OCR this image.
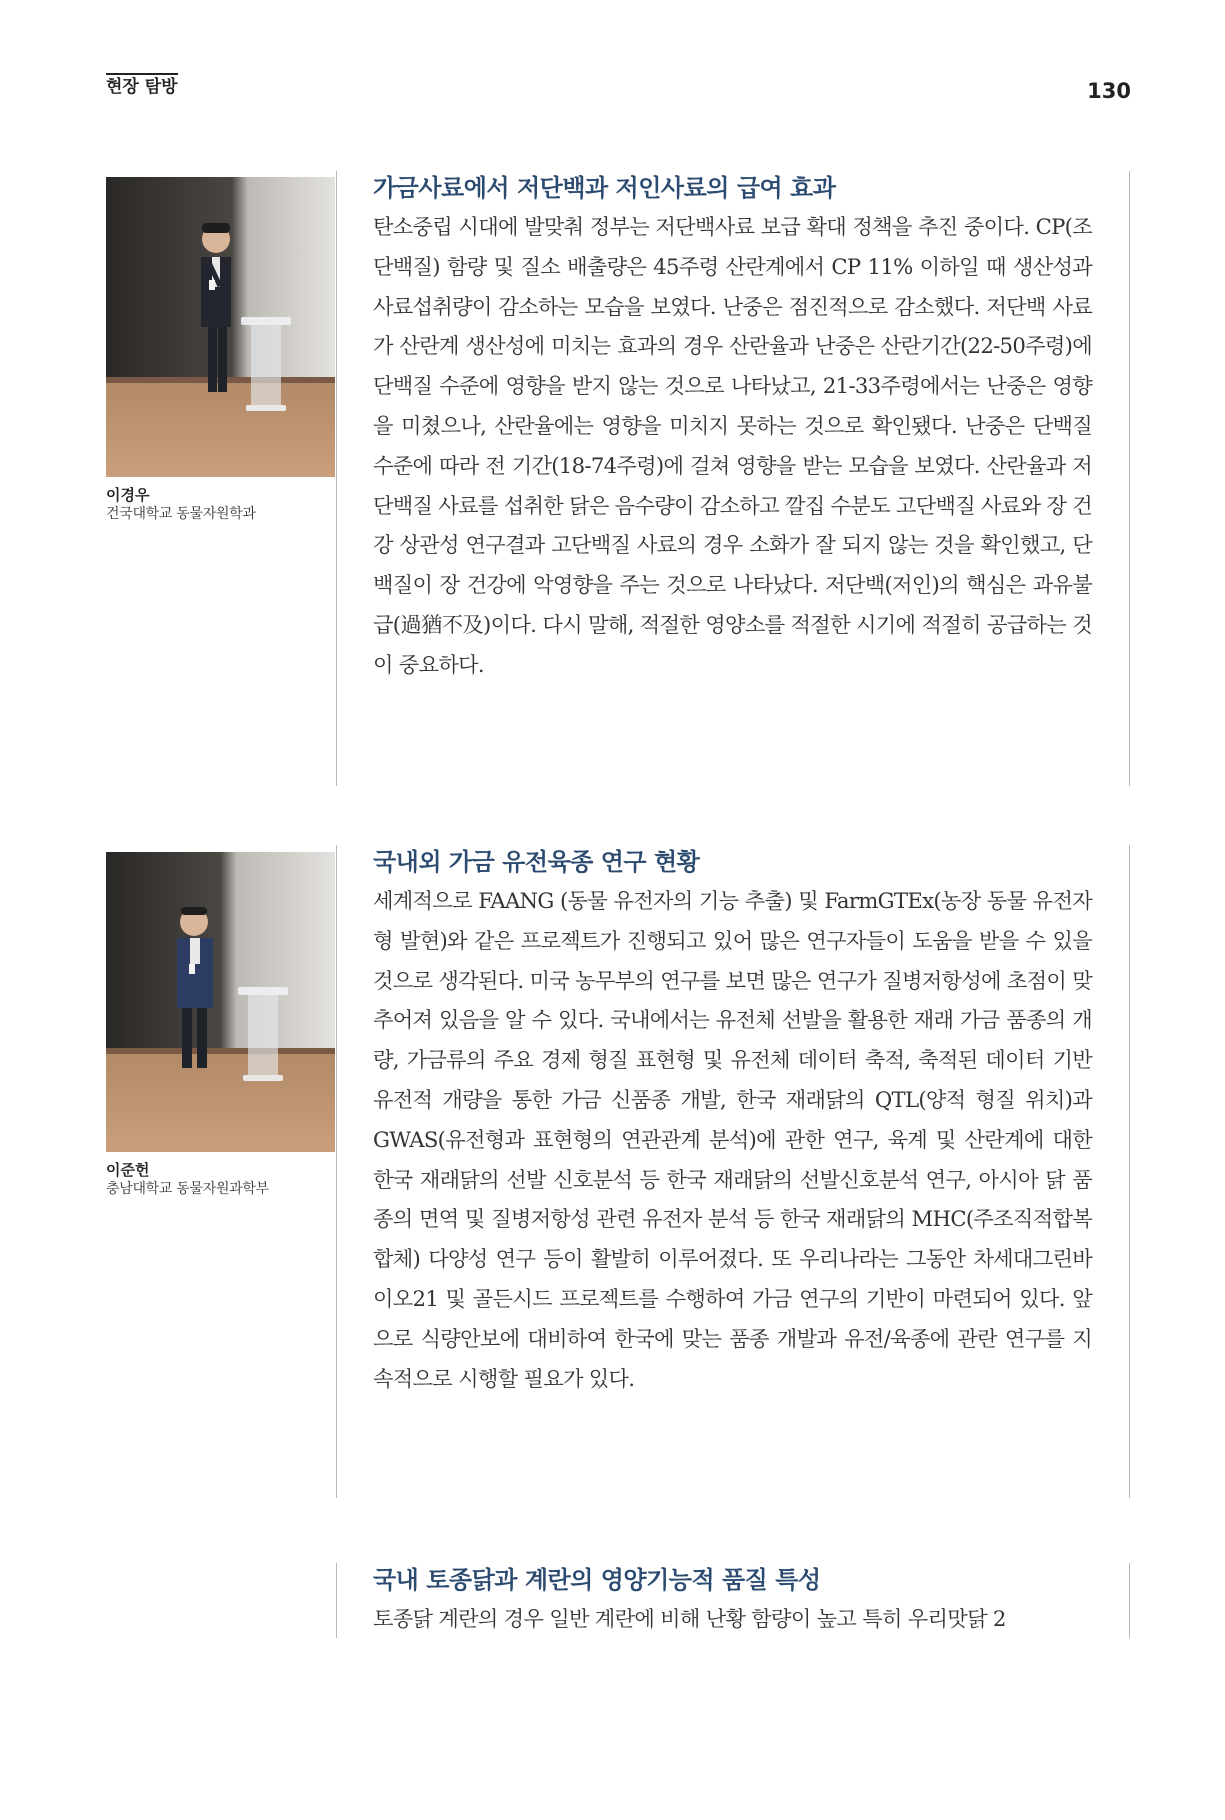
현장 탐방	130
이경우
건국대학교 동물자원학과
이준헌
충남대학교 동물자원과학부
가금사료에서 저단백과 저인사료의 급여 효과

탄소중립 시대에 발맞춰 정부는 저단백사료 보급 확대 정책을 추진 중이다. CP(조단백질) 함량 및 질소 배출량은 45주령 산란계에서 CP 11% 이하일 때 생산성과 사료섭취량이 감소하는 모습을 보였다. 난중은 점진적으로 감소했다. 저단백 사료가 산란계 생산성에 미치는 효과의 경우 산란율과 난중은 산란기간(22-50주령)에 단백질 수준에 영향을 받지 않는 것으로 나타났고, 21-33주령에서는 난중은 영향을 미쳤으나, 산란율에는 영향을 미치지 못하는 것으로 확인됐다. 난중은 단백질 수준에 따라 전 기간(18-74주령)에 걸쳐 영향을 받는 모습을 보였다. 산란율과 저단백질 사료를 섭취한 닭은 음수량이 감소하고 깔집 수분도 고단백질 사료와 장 건강 상관성 연구결과 고단백질 사료의 경우 소화가 잘 되지 않는 것을 확인했고, 단백질이 장 건강에 악영향을 주는 것으로 나타났다. 저단백(저인)의 핵심은 과유불급(過猶不及)이다. 다시 말해, 적절한 영양소를 적절한 시기에 적절히 공급하는 것이 중요하다.

국내외 가금 유전육종 연구 현황

세계적으로 FAANG (동물 유전자의 기능 추출) 및 FarmGTEx(농장 동물 유전자형 발현)와 같은 프로젝트가 진행되고 있어 많은 연구자들이 도움을 받을 수 있을 것으로 생각된다. 미국 농무부의 연구를 보면 많은 연구가 질병저항성에 초점이 맞추어져 있음을 알 수 있다. 국내에서는 유전체 선발을 활용한 재래 가금 품종의 개량, 가금류의 주요 경제 형질 표현형 및 유전체 데이터 축적, 축적된 데이터 기반 유전적 개량을 통한 가금 신품종 개발, 한국 재래닭의 QTL(양적 형질 위치)과 GWAS(유전형과 표현형의 연관관계 분석)에 관한 연구, 육계 및 산란계에 대한 한국 재래닭의 선발 신호분석 등 한국 재래닭의 선발신호분석 연구, 아시아 닭 품종의 면역 및 질병저항성 관련 유전자 분석 등 한국 재래닭의 MHC(주조직적합복합체) 다양성 연구 등이 활발히 이루어졌다. 또 우리나라는 그동안 차세대그린바이오21 및 골든시드 프로젝트를 수행하여 가금 연구의 기반이 마련되어 있다. 앞으로 식량안보에 대비하여 한국에 맞는 품종 개발과 유전/육종에 관란 연구를 지속적으로 시행할 필요가 있다.

국내 토종닭과 계란의 영양기능적 품질 특성

토종닭 계란의 경우 일반 계란에 비해 난황 함량이 높고 특히 우리맛닭 2
